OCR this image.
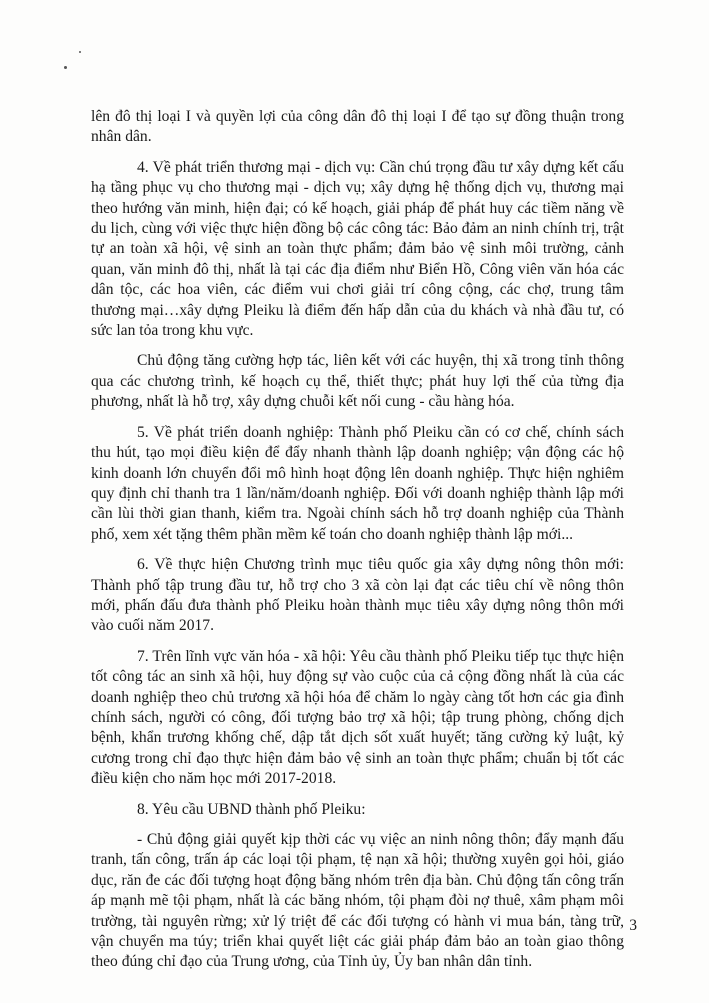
lên đô thị loại I và quyền lợi của công dân đô thị loại I để tạo sự đồng thuận trong nhân dân.

4. Về phát triển thương mại - dịch vụ: Cần chú trọng đầu tư xây dựng kết cấu hạ tầng phục vụ cho thương mại - dịch vụ; xây dựng hệ thống dịch vụ, thương mại theo hướng văn minh, hiện đại; có kế hoạch, giải pháp để phát huy các tiềm năng về du lịch, cùng với việc thực hiện đồng bộ các công tác: Bảo đảm an ninh chính trị, trật tự an toàn xã hội, vệ sinh an toàn thực phẩm; đảm bảo vệ sinh môi trường, cảnh quan, văn minh đô thị, nhất là tại các địa điểm như Biển Hồ, Công viên văn hóa các dân tộc, các hoa viên, các điểm vui chơi giải trí công cộng, các chợ, trung tâm thương mại…xây dựng Pleiku là điểm đến hấp dẫn của du khách và nhà đầu tư, có sức lan tỏa trong khu vực.

Chủ động tăng cường hợp tác, liên kết với các huyện, thị xã trong tỉnh thông qua các chương trình, kế hoạch cụ thể, thiết thực; phát huy lợi thế của từng địa phương, nhất là hỗ trợ, xây dựng chuỗi kết nối cung - cầu hàng hóa.

5. Về phát triển doanh nghiệp: Thành phố Pleiku cần có cơ chế, chính sách thu hút, tạo mọi điều kiện để đẩy nhanh thành lập doanh nghiệp; vận động các hộ kinh doanh lớn chuyển đổi mô hình hoạt động lên doanh nghiệp. Thực hiện nghiêm quy định chỉ thanh tra 1 lần/năm/doanh nghiệp. Đối với doanh nghiệp thành lập mới cần lùi thời gian thanh, kiểm tra. Ngoài chính sách hỗ trợ doanh nghiệp của Thành phố, xem xét tặng thêm phần mềm kế toán cho doanh nghiệp thành lập mới...

6. Về thực hiện Chương trình mục tiêu quốc gia xây dựng nông thôn mới: Thành phố tập trung đầu tư, hỗ trợ cho 3 xã còn lại đạt các tiêu chí về nông thôn mới, phấn đấu đưa thành phố Pleiku hoàn thành mục tiêu xây dựng nông thôn mới vào cuối năm 2017.

7. Trên lĩnh vực văn hóa - xã hội: Yêu cầu thành phố Pleiku tiếp tục thực hiện tốt công tác an sinh xã hội, huy động sự vào cuộc của cả cộng đồng nhất là của các doanh nghiệp theo chủ trương xã hội hóa để chăm lo ngày càng tốt hơn các gia đình chính sách, người có công, đối tượng bảo trợ xã hội; tập trung phòng, chống dịch bệnh, khẩn trương khống chế, dập tắt dịch sốt xuất huyết; tăng cường kỷ luật, kỷ cương trong chỉ đạo thực hiện đảm bảo vệ sinh an toàn thực phẩm; chuẩn bị tốt các điều kiện cho năm học mới 2017-2018.

8. Yêu cầu UBND thành phố Pleiku:

- Chủ động giải quyết kịp thời các vụ việc an ninh nông thôn; đẩy mạnh đấu tranh, tấn công, trấn áp các loại tội phạm, tệ nạn xã hội; thường xuyên gọi hỏi, giáo dục, răn đe các đối tượng hoạt động băng nhóm trên địa bàn. Chủ động tấn công trấn áp mạnh mẽ tội phạm, nhất là các băng nhóm, tội phạm đòi nợ thuê, xâm phạm môi trường, tài nguyên rừng; xử lý triệt để các đối tượng có hành vi mua bán, tàng trữ, vận chuyển ma túy; triển khai quyết liệt các giải pháp đảm bảo an toàn giao thông theo đúng chỉ đạo của Trung ương, của Tỉnh ủy, Ủy ban nhân dân tỉnh.

3
